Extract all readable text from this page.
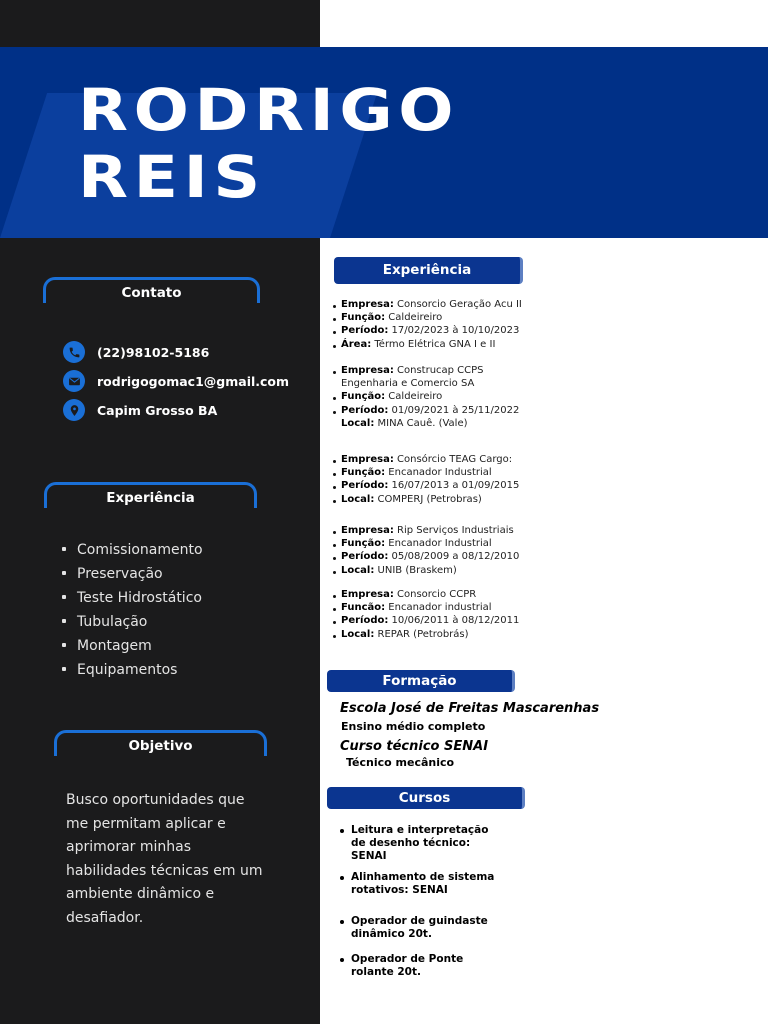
RODRIGO
REIS
Contato
(22)98102-5186
rodrigogomac1@gmail.com
Capim Grosso BA
Experiência
Comissionamento
Preservação
Teste Hidrostático
Tubulação
Montagem
Equipamentos
Objetivo
Busco oportunidades que me permitam aplicar e aprimorar minhas habilidades técnicas em um ambiente dinâmico e desafiador.
Experiência
Empresa: Consorcio Geração Acu II
Função: Caldeireiro
Período: 17/02/2023 à 10/10/2023
Área: Térmo Elétrica GNA I e II
Empresa: Construcap CCPS
Engenharia e Comercio SA
Função: Caldeireiro
Período: 01/09/2021 à 25/11/2022
Local: MINA Cauê. (Vale)
Empresa: Consórcio TEAG Cargo:
Função: Encanador Industrial
Período: 16/07/2013 a 01/09/2015
Local: COMPERJ (Petrobras)
Empresa: Rip Serviços Industriais
Função: Encanador Industrial
Período: 05/08/2009 a 08/12/2010
Local: UNIB (Braskem)
Empresa: Consorcio CCPR
Funcão: Encanador industrial
Período: 10/06/2011 à 08/12/2011
Local: REPAR (Petrobrás)
Formação
Escola José de Freitas Mascarenhas
Ensino médio completo
Curso técnico SENAI
Técnico mecânico
Cursos
Leitura e interpretação de desenho técnico: SENAI
Alinhamento de sistema rotativos: SENAI
Operador de guindaste dinâmico 20t.
Operador de Ponte rolante 20t.
